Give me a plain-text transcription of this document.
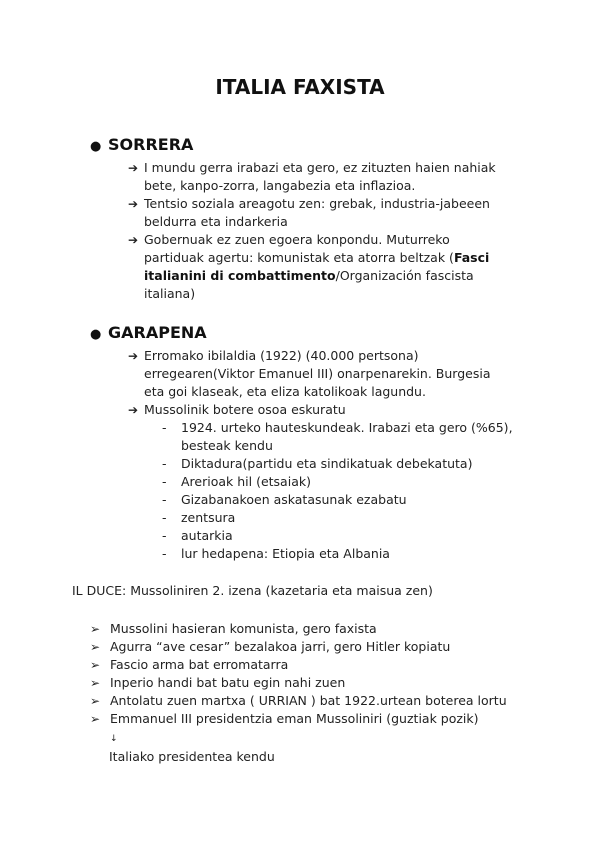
ITALIA FAXISTA
● SORRERA
➔ I mundu gerra irabazi eta gero, ez zituzten haien nahiak
bete, kanpo-zorra, langabezia eta inflazioa.
➔ Tentsio soziala areagotu zen: grebak, industria-jabeeen
beldurra eta indarkeria
➔ Gobernuak ez zuen egoera konpondu. Muturreko
partiduak agertu: komunistak eta atorra beltzak (Fasci
italianini di combattimento/Organización fascista
italiana)
● GARAPENA
➔ Erromako ibilaldia (1922) (40.000 pertsona)
erregearen(Viktor Emanuel III) onarpenarekin. Burgesia
eta goi klaseak, eta eliza katolikoak lagundu.
➔ Mussolinik botere osoa eskuratu
- 1924. urteko hauteskundeak. Irabazi eta gero (%65),
besteak kendu
- Diktadura(partidu eta sindikatuak debekatuta)
- Arerioak hil (etsaiak)
- Gizabanakoen askatasunak ezabatu
- zentsura
- autarkia
- lur hedapena: Etiopia eta Albania
IL DUCE: Mussoliniren 2. izena (kazetaria eta maisua zen)
➢ Mussolini hasieran komunista, gero faxista
➢ Agurra “ave cesar” bezalakoa jarri, gero Hitler kopiatu
➢ Fascio arma bat erromatarra
➢ Inperio handi bat batu egin nahi zuen
➢ Antolatu zuen martxa ( URRIAN ) bat 1922.urtean boterea lortu
➢ Emmanuel III presidentzia eman Mussoliniri (guztiak pozik)
↓
Italiako presidentea kendu
